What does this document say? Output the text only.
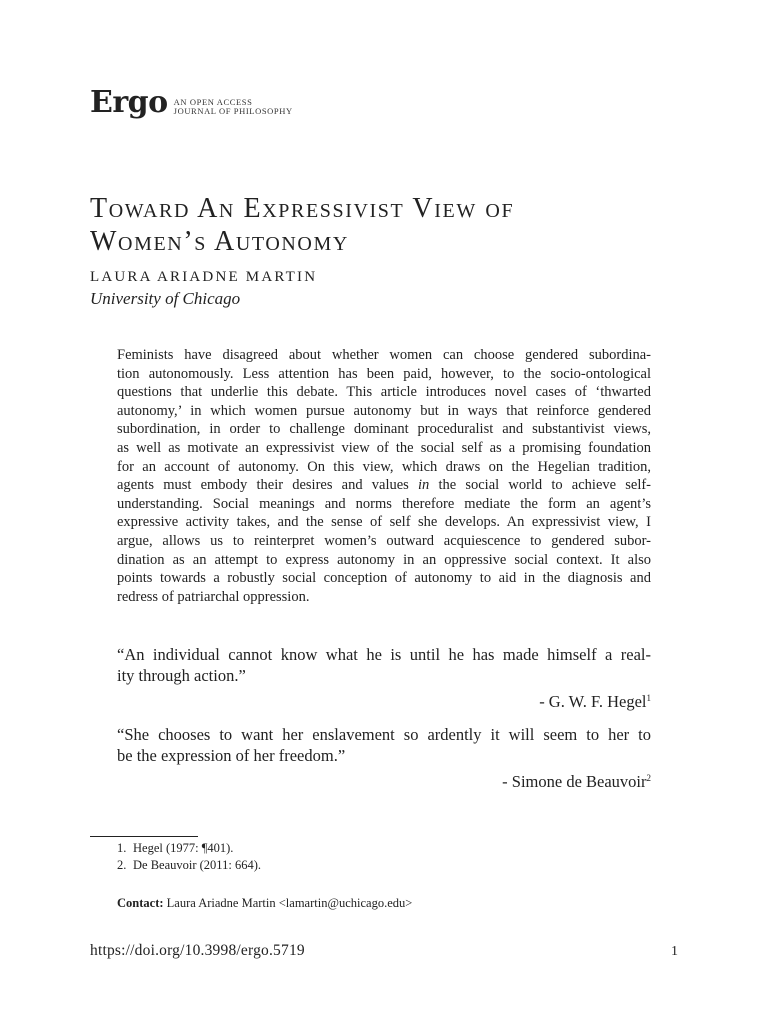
Ergo AN OPEN ACCESS
JOURNAL OF PHILOSOPHY
Toward An Expressivist View of
Women’s Autonomy
LAURA ARIADNE MARTIN
University of Chicago
Feminists have disagreed about whether women can choose gendered subordina-
tion autonomously. Less attention has been paid, however, to the socio-ontological
questions that underlie this debate. This article introduces novel cases of ‘thwarted
autonomy,’ in which women pursue autonomy but in ways that reinforce gendered
subordination, in order to challenge dominant proceduralist and substantivist views,
as well as motivate an expressivist view of the social self as a promising foundation
for an account of autonomy. On this view, which draws on the Hegelian tradition,
agents must embody their desires and values in the social world to achieve self-
understanding. Social meanings and norms therefore mediate the form an agent’s
expressive activity takes, and the sense of self she develops. An expressivist view, I
argue, allows us to reinterpret women’s outward acquiescence to gendered subor-
dination as an attempt to express autonomy in an oppressive social context. It also
points towards a robustly social conception of autonomy to aid in the diagnosis and
redress of patriarchal oppression.
“An individual cannot know what he is until he has made himself a real-
ity through action.”
- G. W. F. Hegel$^1$
“She chooses to want her enslavement so ardently it will seem to her to
be the expression of her freedom.”
- Simone de Beauvoir$^2$
1. Hegel (1977: ¶401).
2. De Beauvoir (2011: 664).
Contact: Laura Ariadne Martin <lamartin@uchicago.edu>
https://doi.org/10.3998/ergo.5719	1
